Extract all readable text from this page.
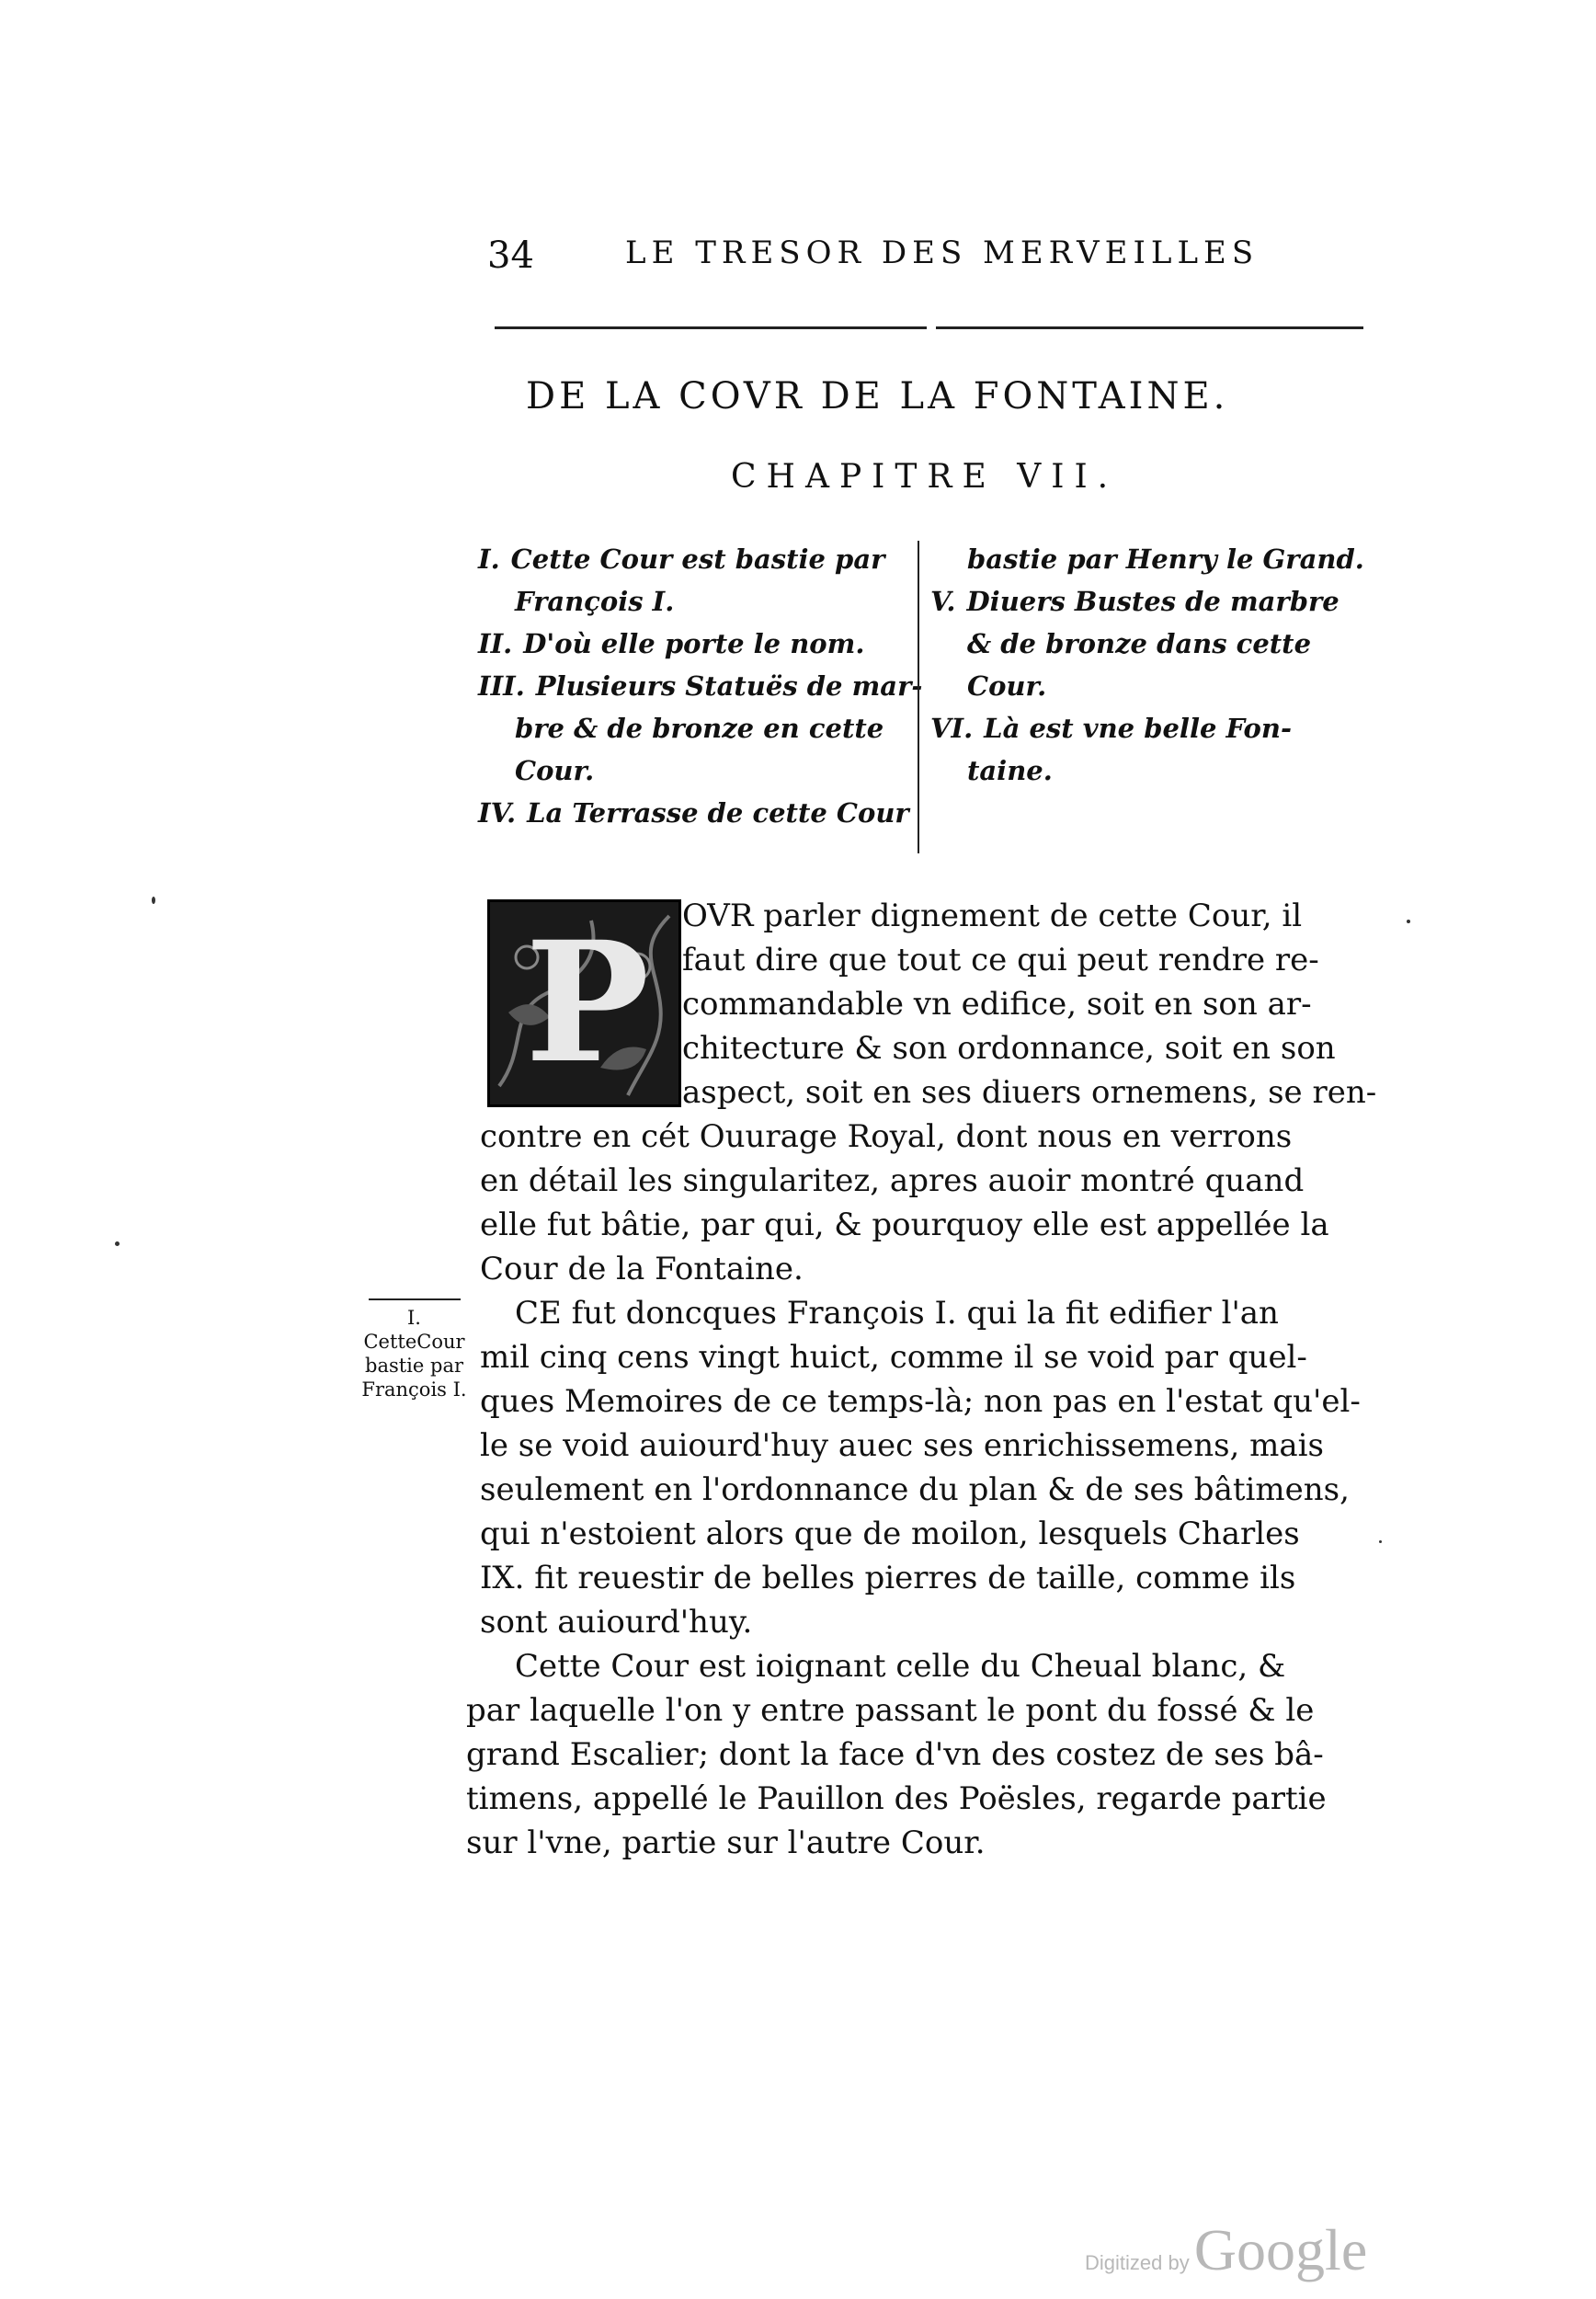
34	LE TRESOR DES MERVEILLES
DE LA COVR DE LA FONTAINE.
CHAPITRE VII.
I. Cette Cour est bastie par
François I.
II. D'où elle porte le nom.
III. Plusieurs Statuës de mar-
bre & de bronze en cette
Cour.
IV. La Terrasse de cette Cour
bastie par Henry le Grand.
V. Diuers Bustes de marbre
& de bronze dans cette
Cour.
VI. Là est vne belle Fon-
taine.
P OVR parler dignement de cette Cour, il
faut dire que tout ce qui peut rendre re-
commandable vn edifice, soit en son ar-
chitecture & son ordonnance, soit en son
aspect, soit en ses diuers ornemens, se ren-
contre en cét Ouurage Royal, dont nous en verrons
en détail les singularitez, apres auoir montré quand
elle fut bâtie, par qui, & pourquoy elle est appellée la
Cour de la Fontaine.
I.
CetteCour
bastie par
François I.
CE fut doncques François I. qui la fit edifier l'an
mil cinq cens vingt huict, comme il se void par quel-
ques Memoires de ce temps-là; non pas en l'estat qu'el-
le se void auiourd'huy auec ses enrichissemens, mais
seulement en l'ordonnance du plan & de ses bâtimens,
qui n'estoient alors que de moilon, lesquels Charles
IX. fit reuestir de belles pierres de taille, comme ils
sont auiourd'huy.
Cette Cour est ioignant celle du Cheual blanc, &
par laquelle l'on y entre passant le pont du fossé & le
grand Escalier; dont la face d'vn des costez de ses bâ-
timens, appellé le Pauillon des Poësles, regarde partie
sur l'vne, partie sur l'autre Cour.
Digitized by Google
